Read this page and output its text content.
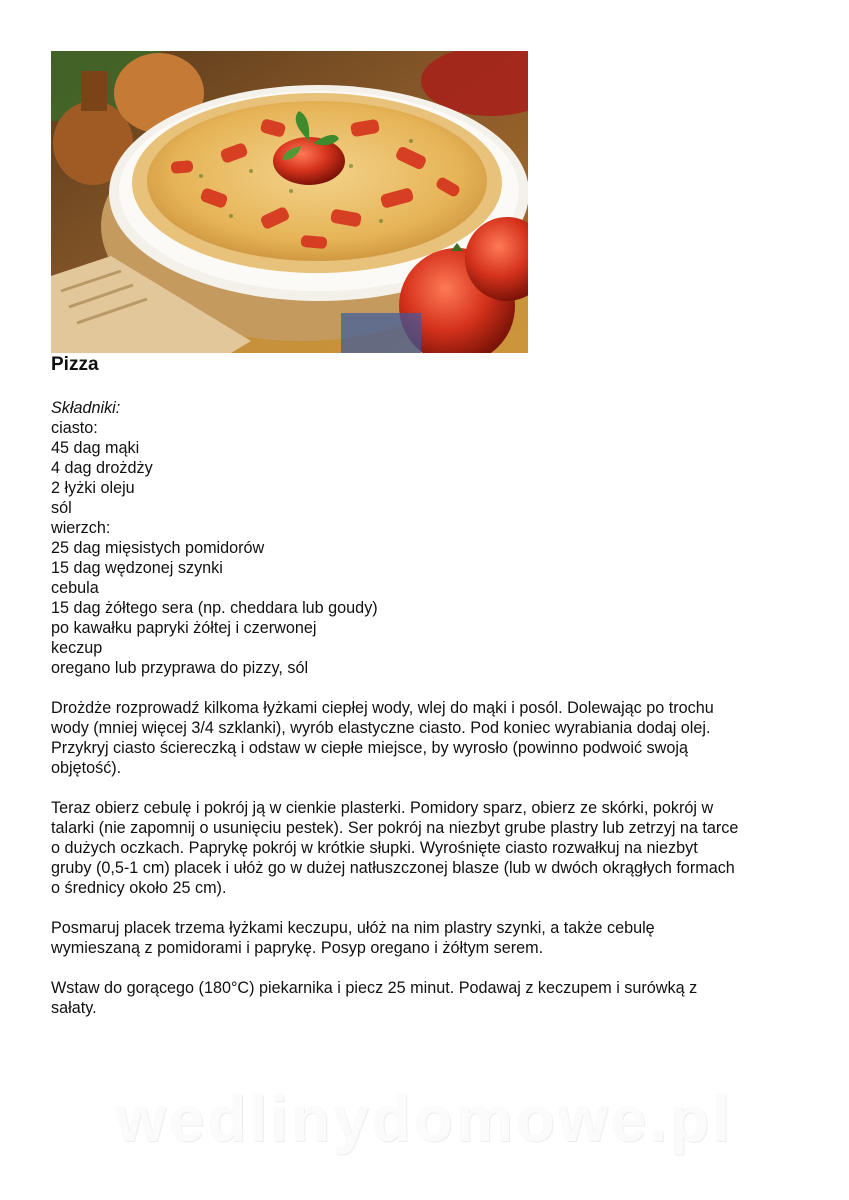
Pizza
Składniki:
ciasto:
45 dag mąki
4 dag drożdży
2 łyżki oleju
sól
wierzch:
25 dag mięsistych pomidorów
15 dag wędzonej szynki
cebula
15 dag żółtego sera (np. cheddara lub goudy)
po kawałku papryki żółtej i czerwonej
keczup
oregano lub przyprawa do pizzy, sól
Drożdże rozprowadź kilkoma łyżkami ciepłej wody, wlej do mąki i posól. Dolewając po trochu
wody (mniej więcej 3/4 szklanki), wyrób elastyczne ciasto. Pod koniec wyrabiania dodaj olej.
Przykryj ciasto ściereczką i odstaw w ciepłe miejsce, by wyrosło (powinno podwoić swoją
objętość).
Teraz obierz cebulę i pokrój ją w cienkie plasterki. Pomidory sparz, obierz ze skórki, pokrój w
talarki (nie zapomnij o usunięciu pestek). Ser pokrój na niezbyt grube plastry lub zetrzyj na tarce
o dużych oczkach. Paprykę pokrój w krótkie słupki. Wyrośnięte ciasto rozwałkuj na niezbyt
gruby (0,5-1 cm) placek i ułóż go w dużej natłuszczonej blasze (lub w dwóch okrągłych formach
o średnicy około 25 cm).
Posmaruj placek trzema łyżkami keczupu, ułóż na nim plastry szynki, a także cebulę
wymieszaną z pomidorami i paprykę. Posyp oregano i żółtym serem.
Wstaw do gorącego (180°C) piekarnika i piecz 25 minut. Podawaj z keczupem i surówką z
sałaty.
wedlinydomowe.pl
